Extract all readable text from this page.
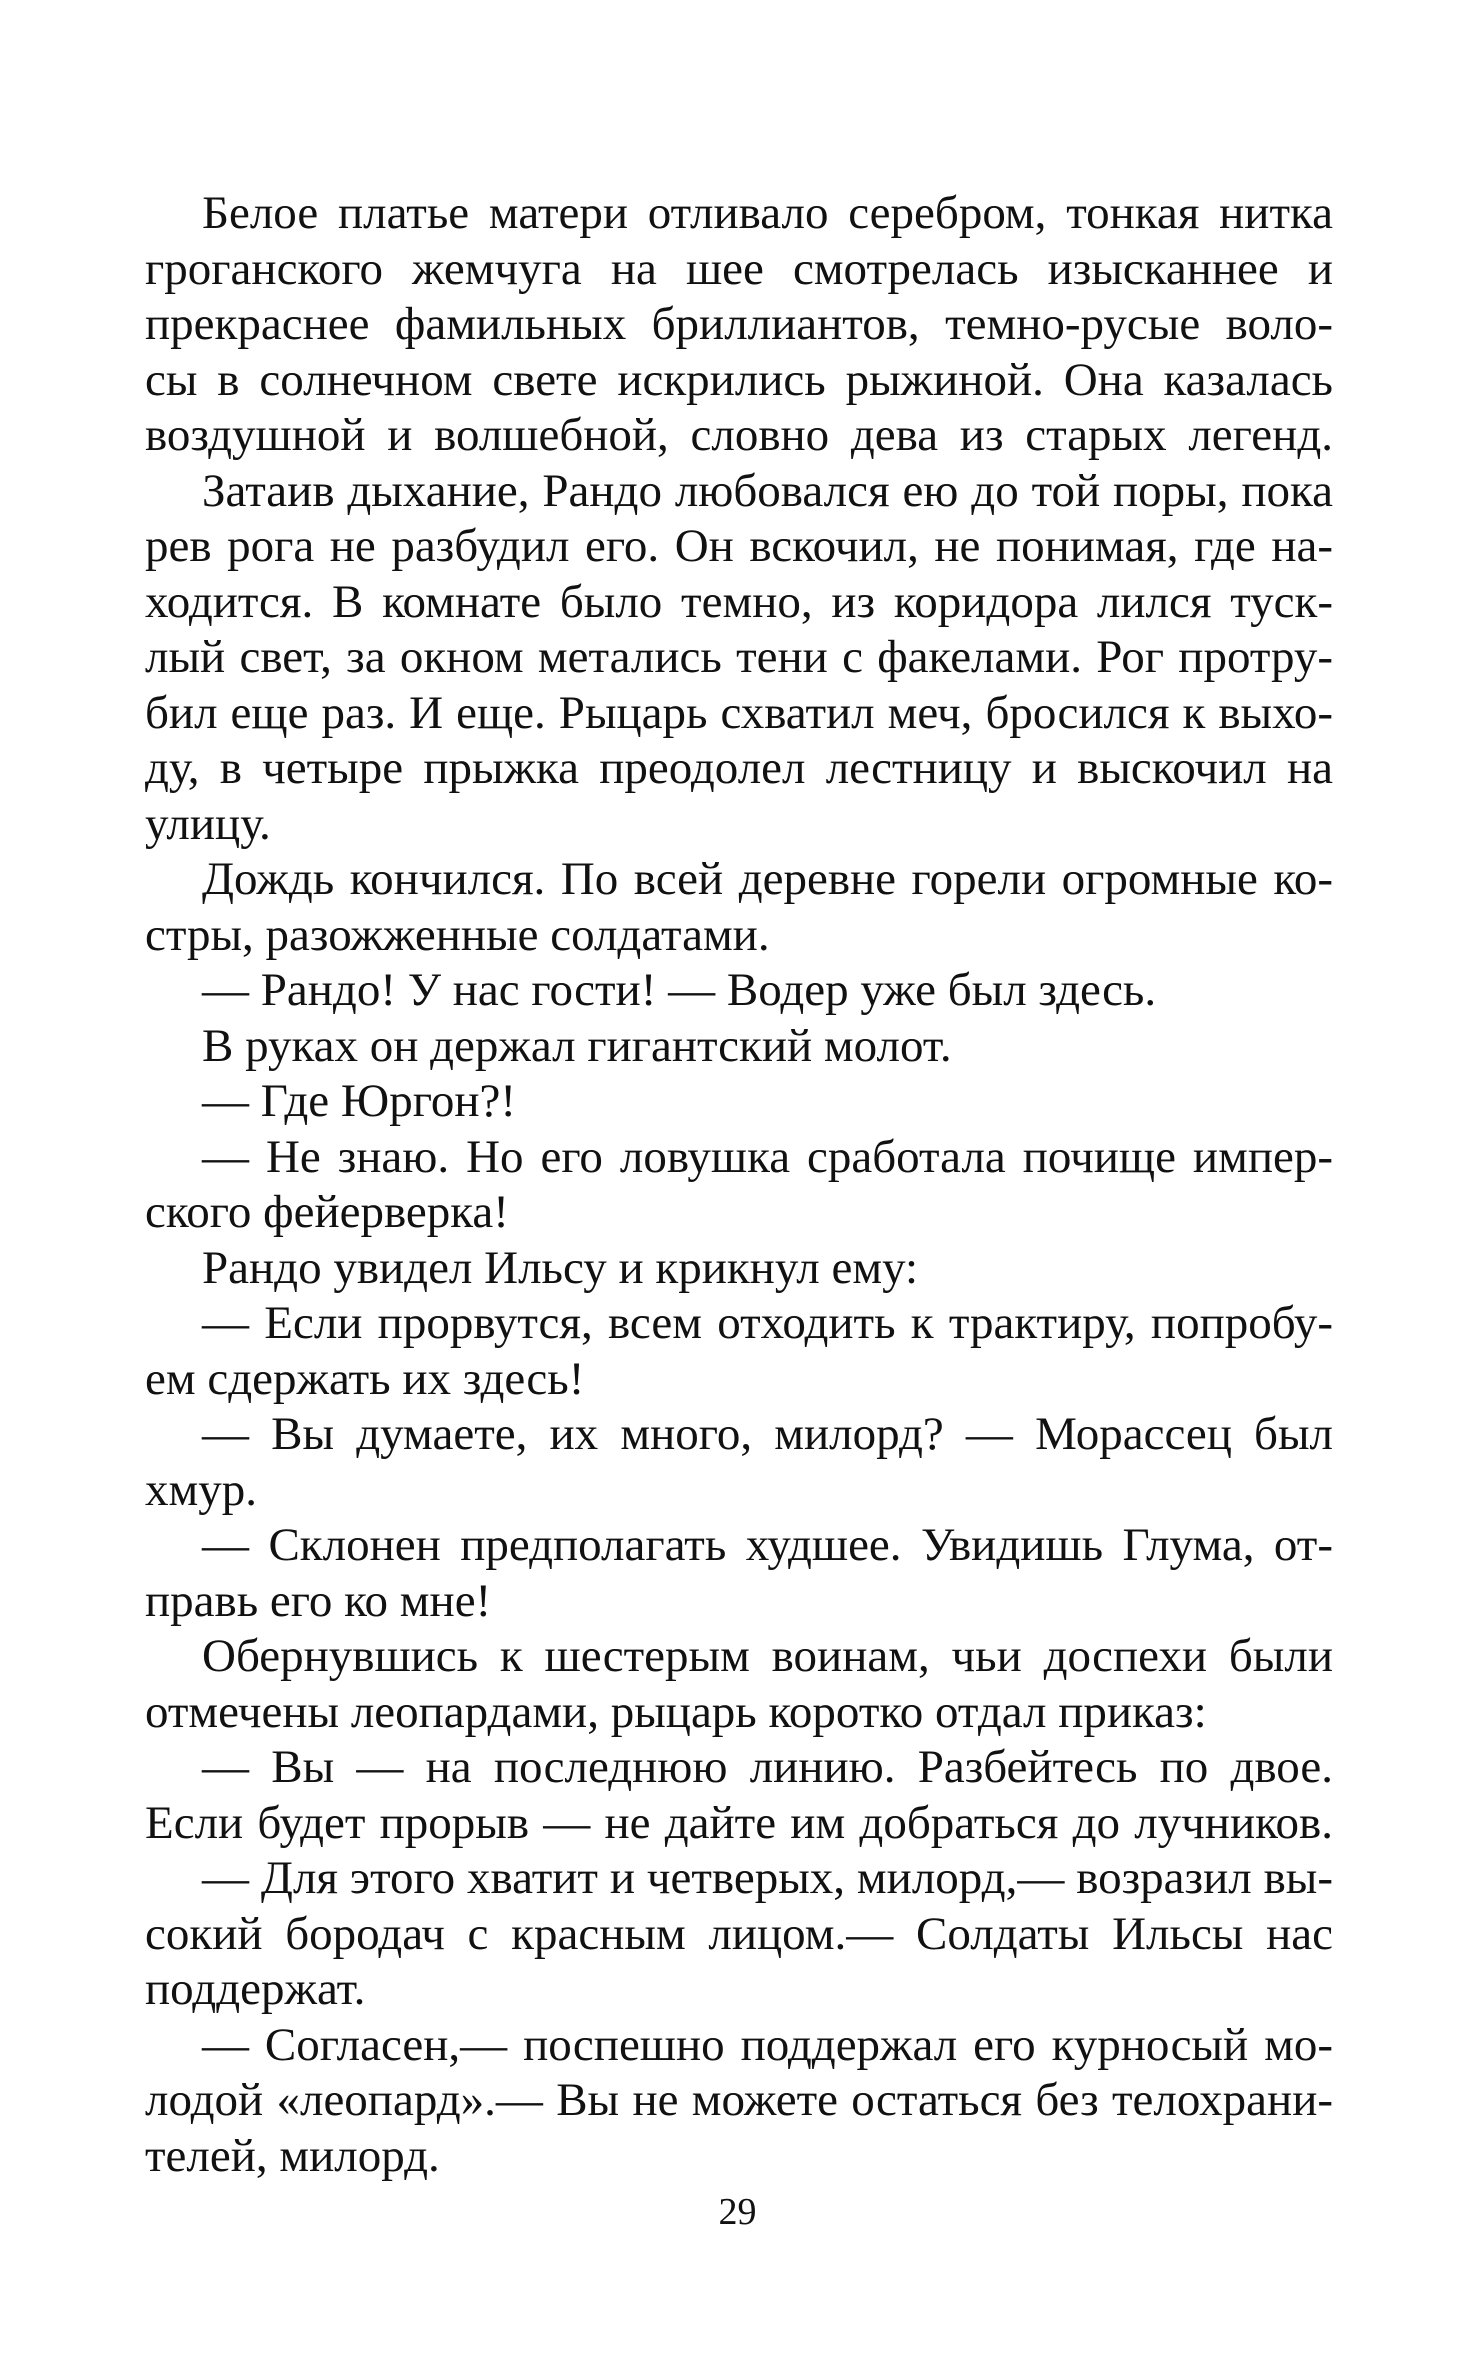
Белое платье матери отливало серебром, тонкая нитка

гроганского жемчуга на шее смотрелась изысканнее и

прекраснее фамильных бриллиантов, темно-русые воло-

сы в солнечном свете искрились рыжиной. Она казалась

воздушной и волшебной, словно дева из старых легенд.

Затаив дыхание, Рандо любовался ею до той поры, пока

рев рога не разбудил его. Он вскочил, не понимая, где на-

ходится. В комнате было темно, из коридора лился туск-

лый свет, за окном метались тени с факелами. Рог протру-

бил еще раз. И еще. Рыцарь схватил меч, бросился к выхо-

ду, в четыре прыжка преодолел лестницу и выскочил на

улицу.

Дождь кончился. По всей деревне горели огромные ко-

стры, разожженные солдатами.

— Рандо! У нас гости! — Водер уже был здесь.

В руках он держал гигантский молот.

— Где Юргон?!

— Не знаю. Но его ловушка сработала почище импер-

ского фейерверка!

Рандо увидел Ильсу и крикнул ему:

— Если прорвутся, всем отходить к трактиру, попробу-

ем сдержать их здесь!

— Вы думаете, их много, милорд? — Морассец был

хмур.

— Склонен предполагать худшее. Увидишь Глума, от-

правь его ко мне!

Обернувшись к шестерым воинам, чьи доспехи были

отмечены леопардами, рыцарь коротко отдал приказ:

— Вы — на последнюю линию. Разбейтесь по двое.

Если будет прорыв — не дайте им добраться до лучников.

— Для этого хватит и четверых, милорд,— возразил вы-

сокий бородач с красным лицом.— Солдаты Ильсы нас

поддержат.

— Согласен,— поспешно поддержал его курносый мо-

лодой «леопард».— Вы не можете остаться без телохрани-

телей, милорд.

29
